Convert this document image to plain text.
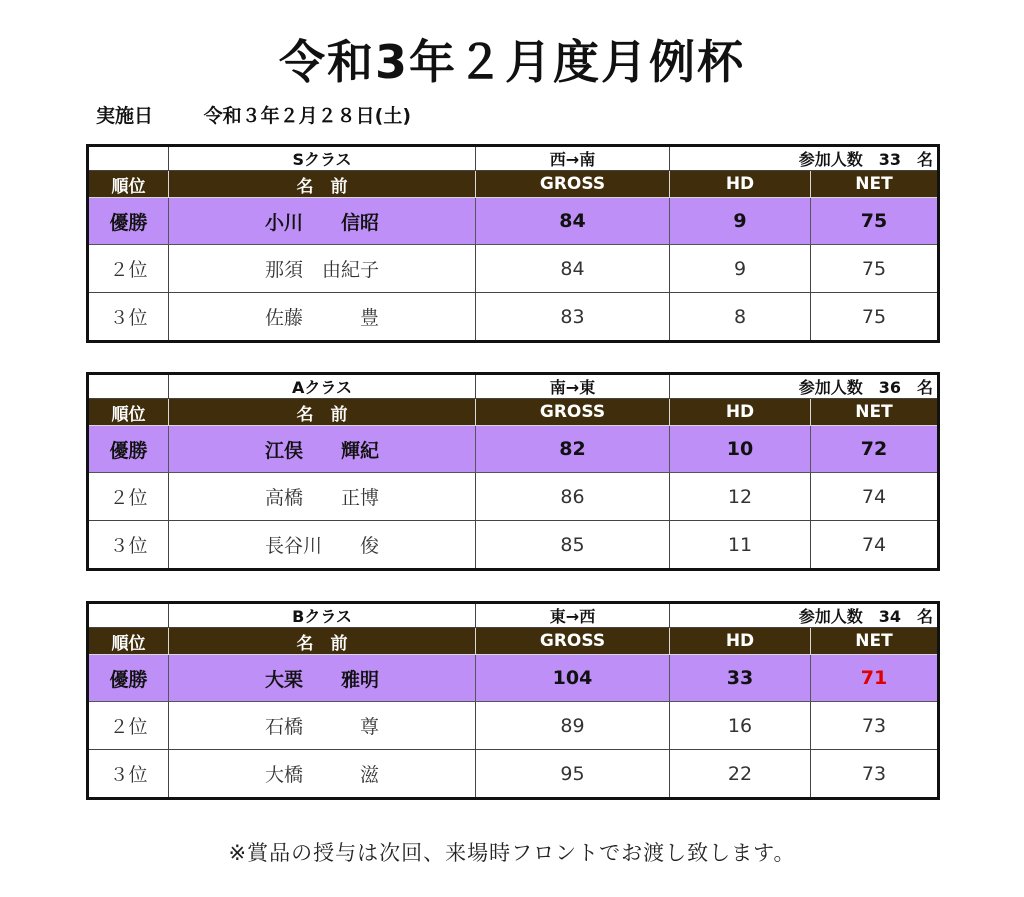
令和3年２月度月例杯
実施日	令和３年２月２８日(土)
	Sクラス	西→南	参加人数　33　名	
順位	名　前	GROSS	HD	NET
優勝	小川　　信昭	84	9	75
２位	那須　由紀子	84	9	75
３位	佐藤　　　豊	83	8	75
	Aクラス	南→東	参加人数　36　名	
順位	名　前	GROSS	HD	NET
優勝	江俣　　輝紀	82	10	72
２位	高橋　　正博	86	12	74
３位	長谷川　　俊	85	11	74
	Bクラス	東→西	参加人数　34　名	
順位	名　前	GROSS	HD	NET
優勝	大栗　　雅明	104	33	71
２位	石橋　　　尊	89	16	73
３位	大橋　　　滋	95	22	73
※賞品の授与は次回、来場時フロントでお渡し致します。
